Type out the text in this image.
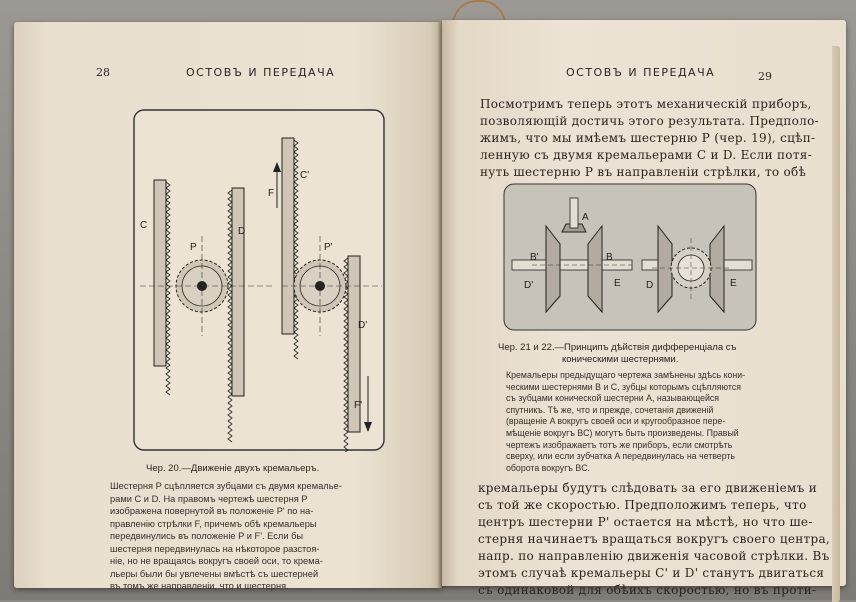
28	ОСТОВЪ И ПЕРЕДАЧА
C
D
P
F
C'
P'
D'
F'
Чер. 20.—Движеніе двухъ кремальеръ.
Шестерня P сцѣпляется зубцами съ двумя кремалье-
рами C и D. На правомъ чертежѣ шестерня P
изображена повернутой въ положеніе P' по на-
правленію стрѣлки F, причемъ обѣ кремальеры
передвинулись въ положеніе P и F'. Если бы
шестерня передвинулась на нѣкоторое разстоя-
ніе, но не вращаясь вокругъ своей оси, то крема-
льеры были бы увлечены вмѣстѣ съ шестерней
въ томъ же направленіи, что и шестерня.
ОСТОВЪ И ПЕРЕДАЧА	29
Посмотримъ теперь этотъ механическій приборъ,
позволяющій достичь этого результата. Предполо-
жимъ, что мы имѣемъ шестерню P (чер. 19), сцѣп-
ленную съ двумя кремальерами C и D. Если потя-
нуть шестерню P въ направленіи стрѣлки, то обѣ
A
B'	B
D'	E	D	E
Чер. 21 и 22.—Принципъ дѣйствія дифференціала съ
коническими шестернями.
Кремальеры предыдущаго чертежа замѣнены здѣсь кони-
ческими шестернями B и C, зубцы которымъ сцѣпляются
съ зубцами конической шестерни A, называющейся
спутникъ. Тѣ же, что и прежде, сочетанія движеній
(вращеніе A вокругъ своей оси и кругообразное пере-
мѣщеніе вокругъ BC) могутъ быть произведены. Правый
чертежъ изображаетъ тотъ же приборъ, если смотрѣть
сверху, или если зубчатка A передвинулась на четверть
оборота вокругъ BC.
кремальеры будутъ слѣдовать за его движеніемъ и
съ той же скоростью. Предположимъ теперь, что
центръ шестерни P' остается на мѣстѣ, но что ше-
стерня начинаетъ вращаться вокругъ своего центра,
напр. по направленію движенія часовой стрѣлки. Въ
этомъ случаѣ кремальеры C' и D' станутъ двигаться
съ одинаковой для обѣихъ скоростью, но въ проти-
